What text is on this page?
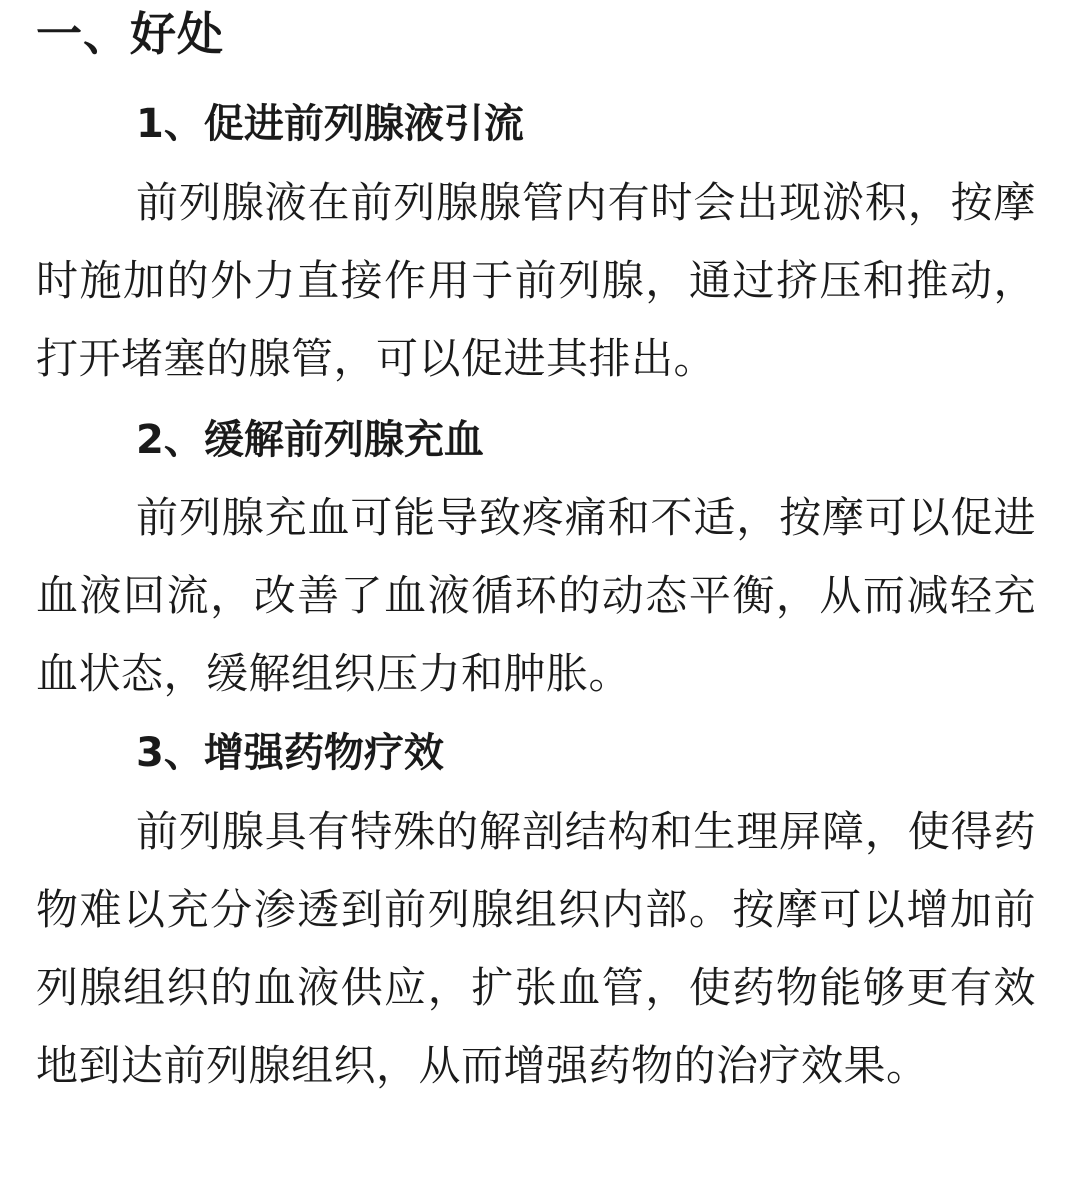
一、好处
1、促进前列腺液引流
前列腺液在前列腺腺管内有时会出现淤积，按摩时施加的外力直接作用于前列腺，通过挤压和推动，打开堵塞的腺管，可以促进其排出。
2、缓解前列腺充血
前列腺充血可能导致疼痛和不适，按摩可以促进血液回流，改善了血液循环的动态平衡，从而减轻充血状态，缓解组织压力和肿胀。
3、增强药物疗效
前列腺具有特殊的解剖结构和生理屏障，使得药物难以充分渗透到前列腺组织内部。按摩可以增加前列腺组织的血液供应，扩张血管，使药物能够更有效地到达前列腺组织，从而增强药物的治疗效果。
